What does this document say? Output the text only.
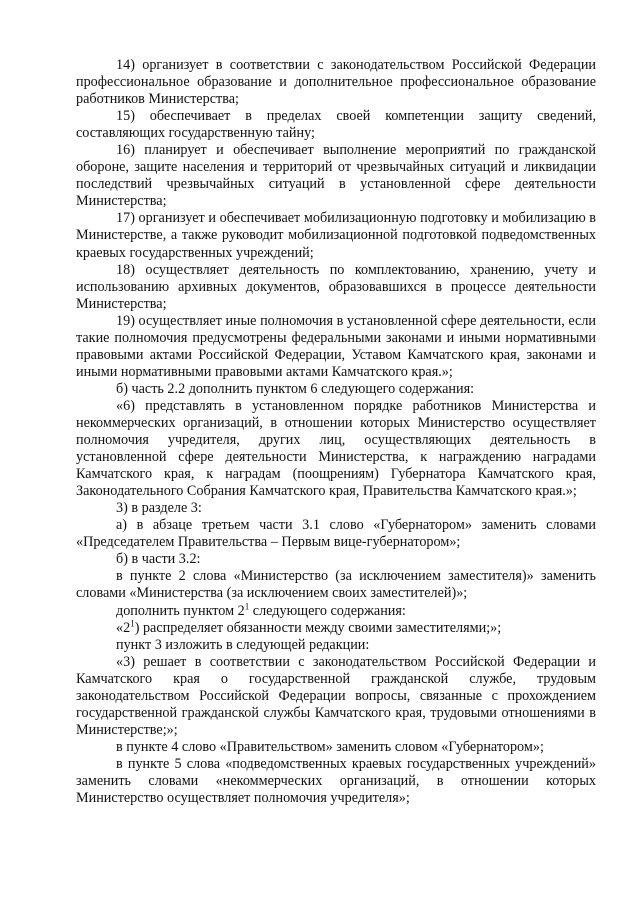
14) организует в соответствии с законодательством Российской Федерации профессиональное образование и дополнительное профессиональное образование работников Министерства;

15) обеспечивает в пределах своей компетенции защиту сведений, составляющих государственную тайну;

16) планирует и обеспечивает выполнение мероприятий по гражданской обороне, защите населения и территорий от чрезвычайных ситуаций и ликвидации последствий чрезвычайных ситуаций в установленной сфере деятельности Министерства;

17) организует и обеспечивает мобилизационную подготовку и мобилизацию в Министерстве, а также руководит мобилизационной подготовкой подведомственных краевых государственных учреждений;

18) осуществляет деятельность по комплектованию, хранению, учету и использованию архивных документов, образовавшихся в процессе деятельности Министерства;

19) осуществляет иные полномочия в установленной сфере деятельности, если такие полномочия предусмотрены федеральными законами и иными нормативными правовыми актами Российской Федерации, Уставом Камчатского края, законами и иными нормативными правовыми актами Камчатского края.»;

б) часть 2.2 дополнить пунктом 6 следующего содержания:

«6) представлять в установленном порядке работников Министерства и некоммерческих организаций, в отношении которых Министерство осуществляет полномочия учредителя, других лиц, осуществляющих деятельность в установленной сфере деятельности Министерства, к награждению наградами Камчатского края, к наградам (поощрениям) Губернатора Камчатского края, Законодательного Собрания Камчатского края, Правительства Камчатского края.»;

3) в разделе 3:

а) в абзаце третьем части 3.1 слово «Губернатором» заменить словами «Председателем Правительства – Первым вице-губернатором»;

б) в части 3.2:

в пункте 2 слова «Министерство (за исключением заместителя)» заменить словами «Министерства (за исключением своих заместителей)»;

дополнить пунктом $2^1$ следующего содержания:

«$2^1$) распределяет обязанности между своими заместителями;»;

пункт 3 изложить в следующей редакции:

«3) решает в соответствии с законодательством Российской Федерации и Камчатского края о государственной гражданской службе, трудовым законодательством Российской Федерации вопросы, связанные с прохождением государственной гражданской службы Камчатского края, трудовыми отношениями в Министерстве;»;

в пункте 4 слово «Правительством» заменить словом «Губернатором»;

в пункте 5 слова «подведомственных краевых государственных учреждений» заменить словами «некоммерческих организаций, в отношении которых Министерство осуществляет полномочия учредителя»;
